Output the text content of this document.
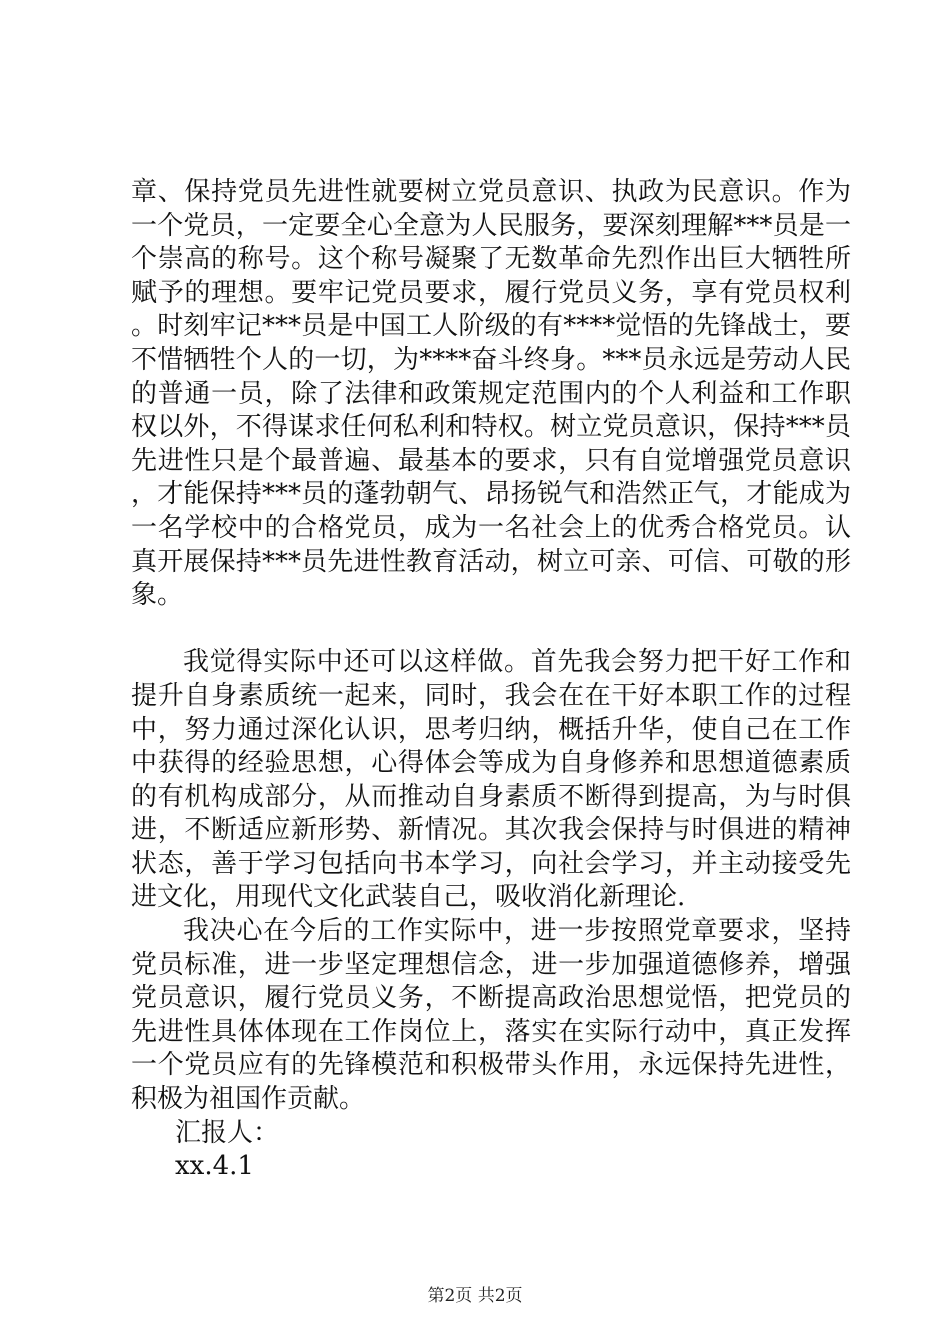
章、保持党员先进性就要树立党员意识、执政为民意识。作为一个党员，一定要全心全意为人民服务，要深刻理解***员是一个崇高的称号。这个称号凝聚了无数革命先烈作出巨大牺牲所赋予的理想。要牢记党员要求，履行党员义务，享有党员权利。时刻牢记***员是中国工人阶级的有****觉悟的先锋战士，要不惜牺牲个人的一切，为****奋斗终身。***员永远是劳动人民的普通一员，除了法律和政策规定范围内的个人利益和工作职权以外，不得谋求任何私利和特权。树立党员意识，保持***员先进性只是个最普遍、最基本的要求，只有自觉增强党员意识，才能保持***员的蓬勃朝气、昂扬锐气和浩然正气，才能成为一名学校中的合格党员，成为一名社会上的优秀合格党员。认真开展保持***员先进性教育活动，树立可亲、可信、可敬的形象。

我觉得实际中还可以这样做。首先我会努力把干好工作和提升自身素质统一起来，同时，我会在在干好本职工作的过程中，努力通过深化认识，思考归纳，概括升华，使自己在工作中获得的经验思想，心得体会等成为自身修养和思想道德素质的有机构成部分，从而推动自身素质不断得到提高，为与时俱进，不断适应新形势、新情况。其次我会保持与时俱进的精神状态，善于学习包括向书本学习，向社会学习，并主动接受先进文化，用现代文化武装自己，吸收消化新理论.

我决心在今后的工作实际中，进一步按照党章要求，坚持党员标准，进一步坚定理想信念，进一步加强道德修养，增强党员意识，履行党员义务，不断提高政治思想觉悟，把党员的先进性具体体现在工作岗位上，落实在实际行动中，真正发挥一个党员应有的先锋模范和积极带头作用，永远保持先进性，积极为祖国作贡献。

汇报人：

xx.4.1

第2页 共2页
